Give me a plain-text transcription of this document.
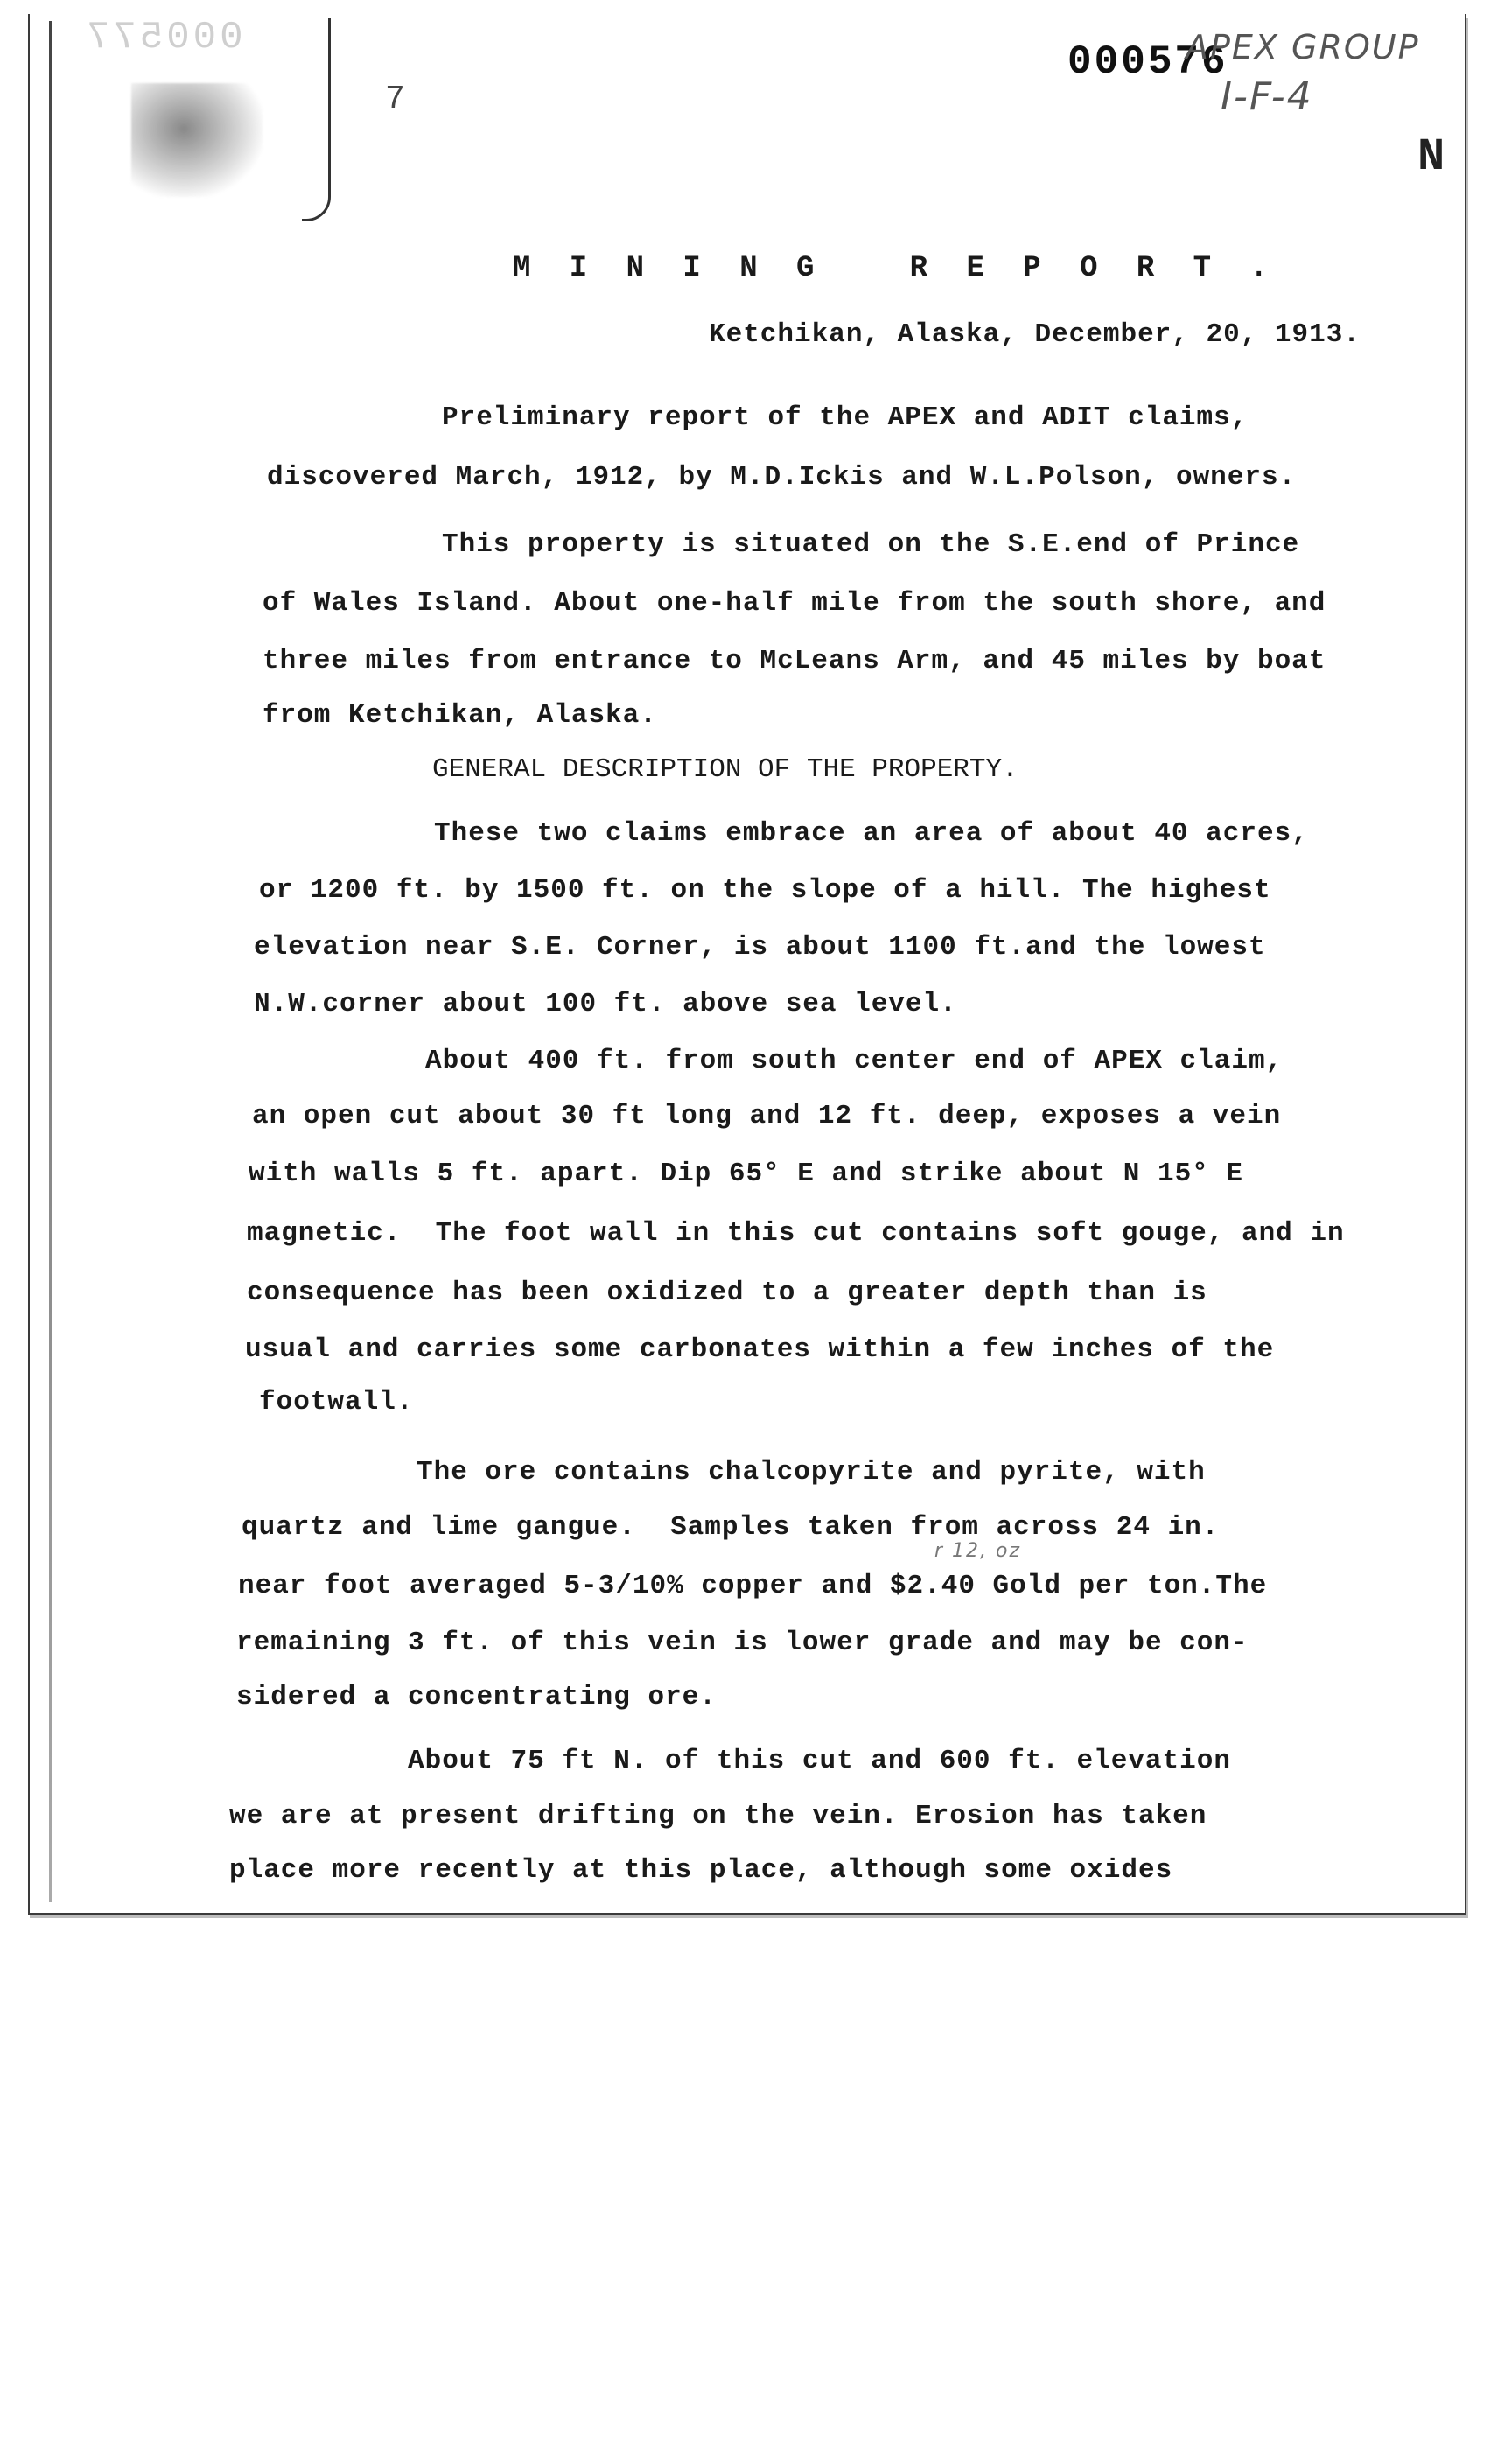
000577
7
000576
APEX GROUP
I-F-4
N
M I N I N G   R E P O R T .
Ketchikan, Alaska, December, 20, 1913.
Preliminary report of the APEX and ADIT claims,
discovered March, 1912, by M.D.Ickis and W.L.Polson, owners.
This property is situated on the S.E.end of Prince
of Wales Island. About one-half mile from the south shore, and
three miles from entrance to McLeans Arm, and 45 miles by boat
from Ketchikan, Alaska.
GENERAL DESCRIPTION OF THE PROPERTY.
These two claims embrace an area of about 40 acres,
or 1200 ft. by 1500 ft. on the slope of a hill. The highest
elevation near S.E. Corner, is about 1100 ft.and the lowest
N.W.corner about 100 ft. above sea level.
About 400 ft. from south center end of APEX claim,
an open cut about 30 ft long and 12 ft. deep, exposes a vein
with walls 5 ft. apart. Dip 65° E and strike about N 15° E
magnetic.  The foot wall in this cut contains soft gouge, and in
consequence has been oxidized to a greater depth than is
usual and carries some carbonates within a few inches of the
footwall.
The ore contains chalcopyrite and pyrite, with
quartz and lime gangue.  Samples taken from across 24 in.
r 12, oz
near foot averaged 5-3/10% copper and $2.40 Gold per ton.The
remaining 3 ft. of this vein is lower grade and may be con-
sidered a concentrating ore.
About 75 ft N. of this cut and 600 ft. elevation
we are at present drifting on the vein. Erosion has taken
place more recently at this place, although some oxides
